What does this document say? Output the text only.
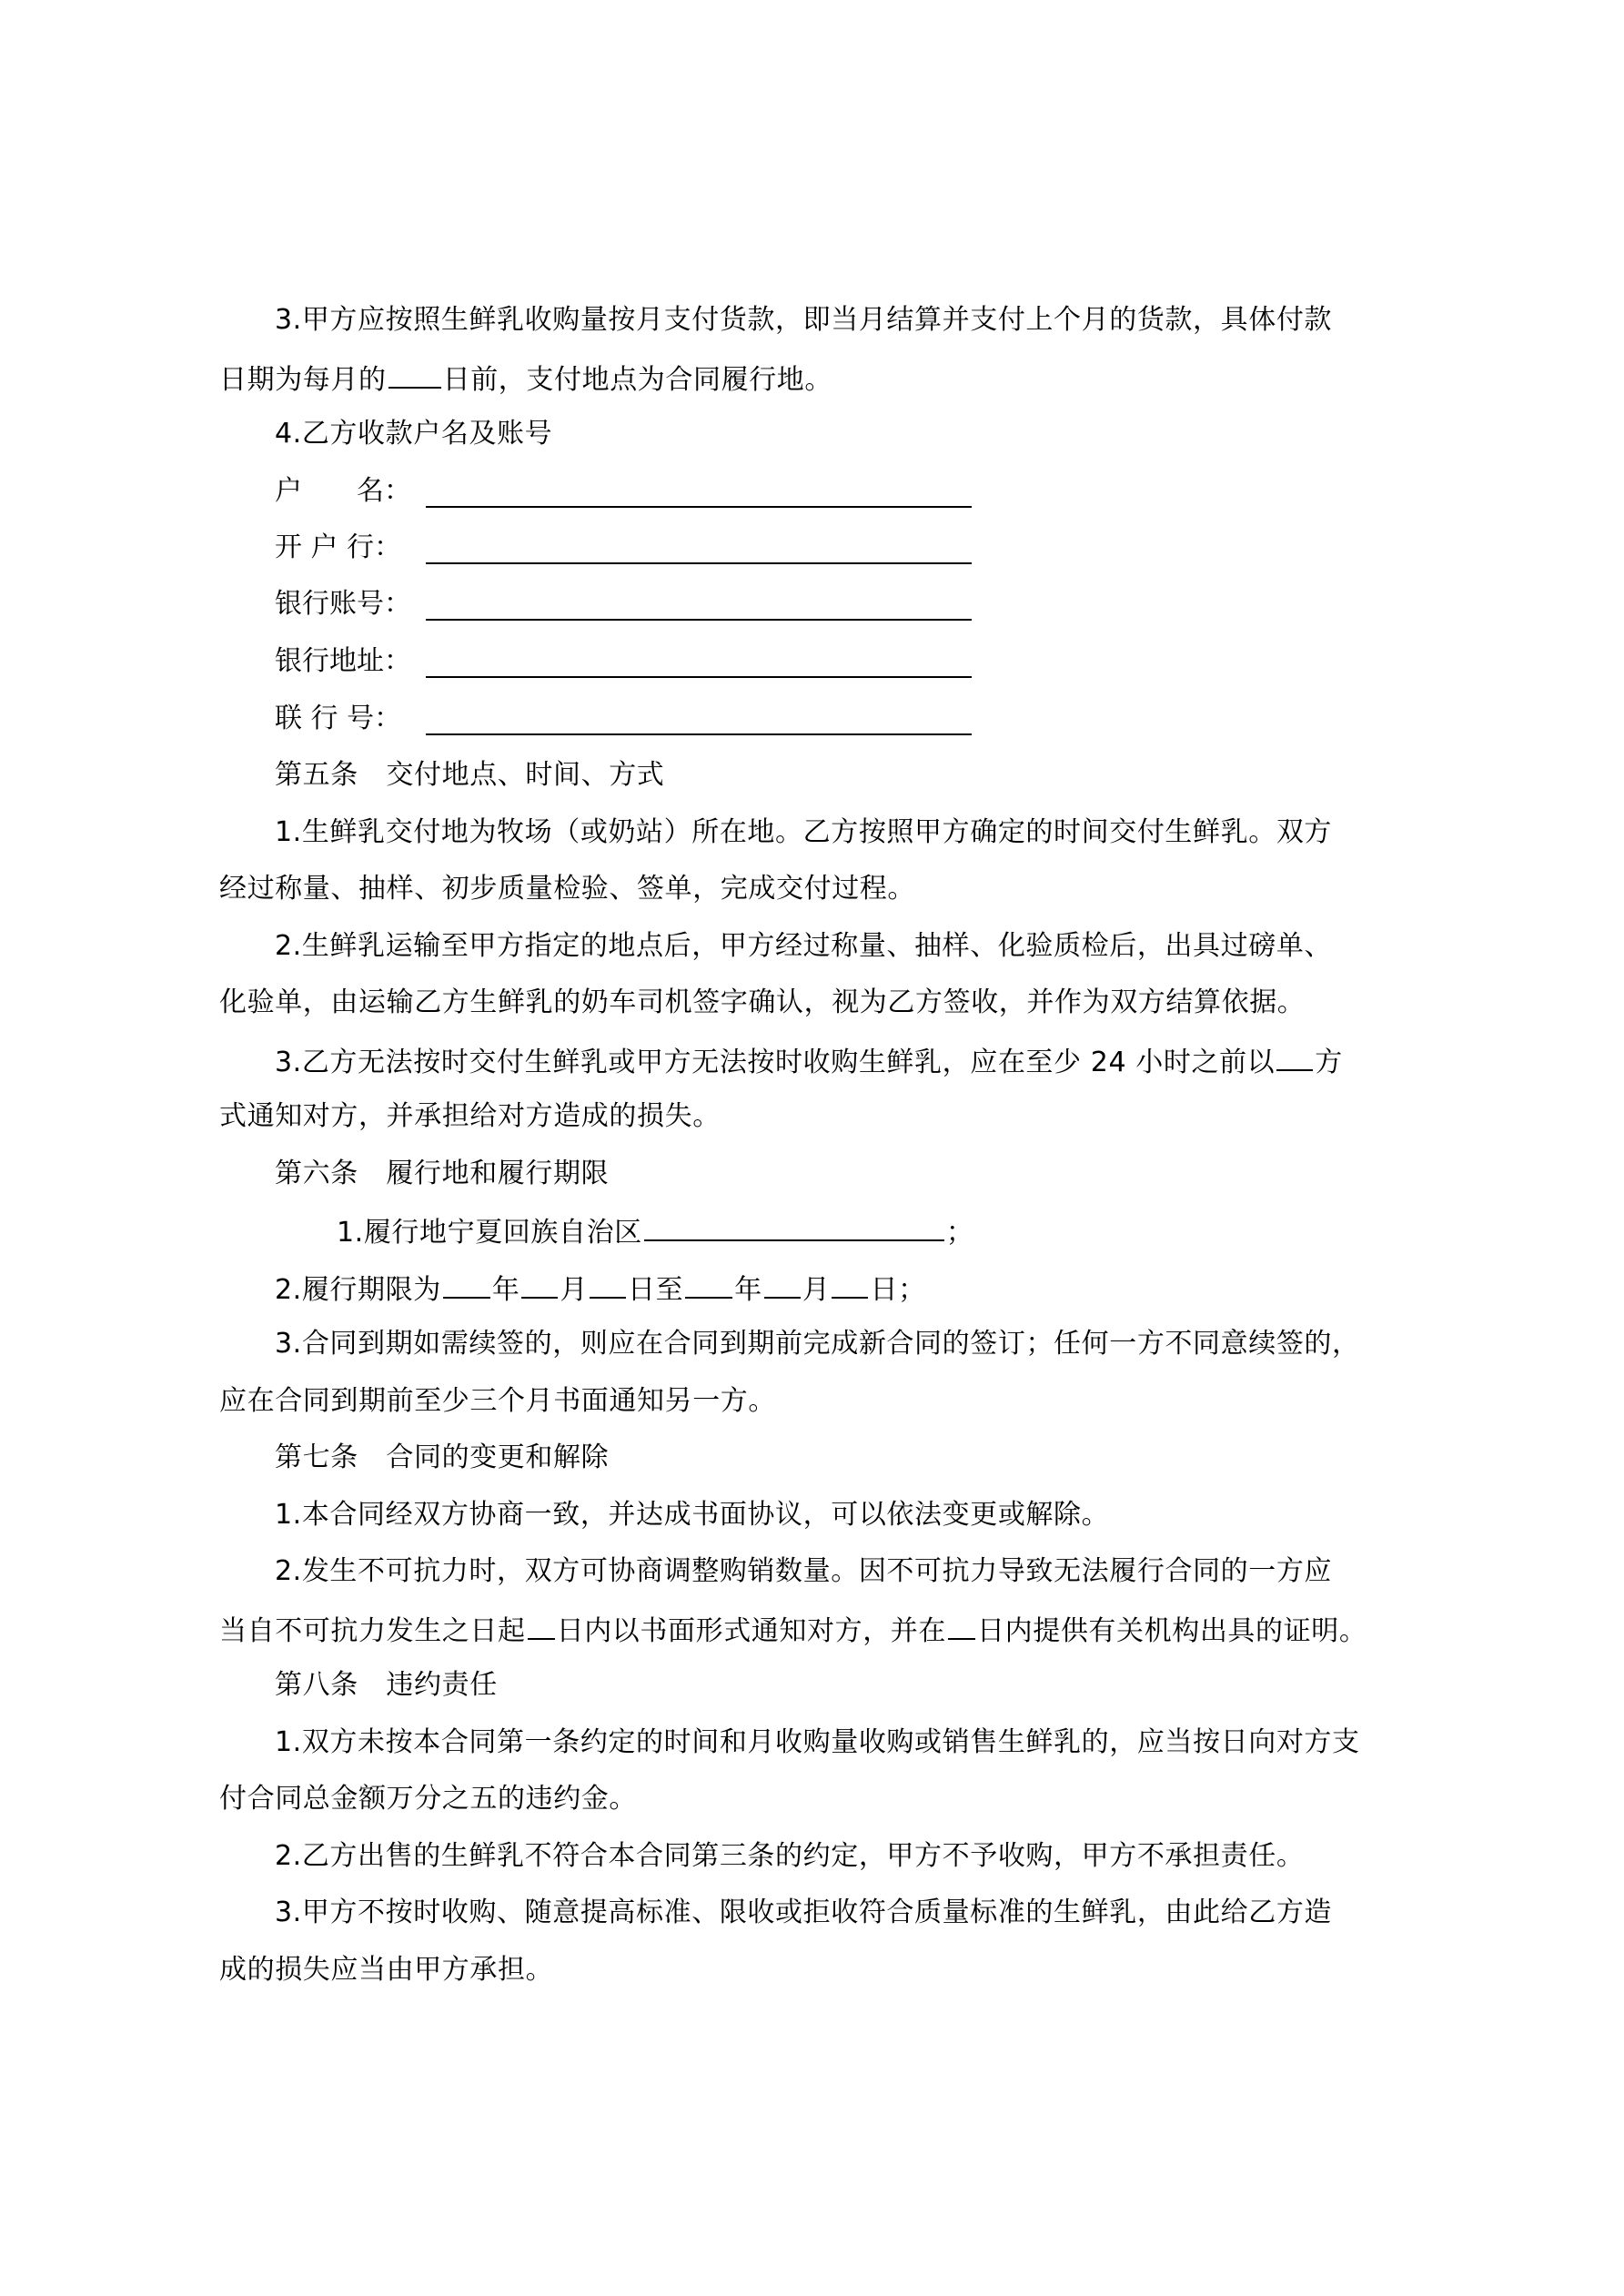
3.甲方应按照生鲜乳收购量按月支付货款，即当月结算并支付上个月的货款，具体付款
日期为每月的 日前，支付地点为合同履行地。
4.乙方收款户名及账号
户　　名：
开 户 行：
银行账号：
银行地址：
联 行 号：
第五条　交付地点、时间、方式
1.生鲜乳交付地为牧场（或奶站）所在地。乙方按照甲方确定的时间交付生鲜乳。双方
经过称量、抽样、初步质量检验、签单，完成交付过程。
2.生鲜乳运输至甲方指定的地点后，甲方经过称量、抽样、化验质检后，出具过磅单、
化验单，由运输乙方生鲜乳的奶车司机签字确认，视为乙方签收，并作为双方结算依据。
3.乙方无法按时交付生鲜乳或甲方无法按时收购生鲜乳，应在至少 24 小时之前以 方
式通知对方，并承担给对方造成的损失。
第六条　履行地和履行期限
1.履行地宁夏回族自治区	；
2.履行期限为 年 月 日至 年 月 日；
3.合同到期如需续签的，则应在合同到期前完成新合同的签订；任何一方不同意续签的，
应在合同到期前至少三个月书面通知另一方。
第七条　合同的变更和解除
1.本合同经双方协商一致，并达成书面协议，可以依法变更或解除。
2.发生不可抗力时，双方可协商调整购销数量。因不可抗力导致无法履行合同的一方应
当自不可抗力发生之日起 日内以书面形式通知对方，并在 日内提供有关机构出具的证明。
第八条　违约责任
1.双方未按本合同第一条约定的时间和月收购量收购或销售生鲜乳的，应当按日向对方支
付合同总金额万分之五的违约金。
2.乙方出售的生鲜乳不符合本合同第三条的约定，甲方不予收购，甲方不承担责任。
3.甲方不按时收购、随意提高标准、限收或拒收符合质量标准的生鲜乳，由此给乙方造
成的损失应当由甲方承担。
